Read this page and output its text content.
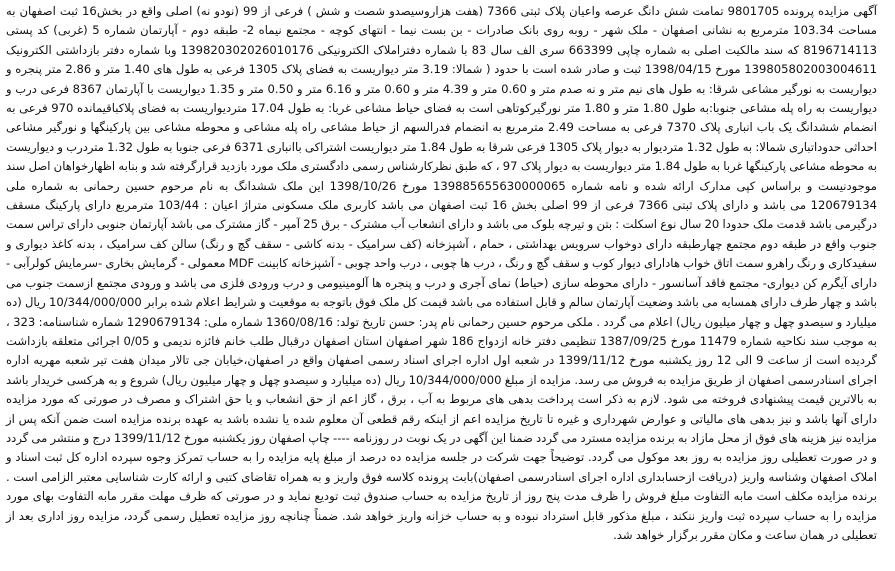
آگهی مزایده پرونده 9801705 تمامت شش دانگ عرصه واعیان پلاک ثبتی 7366 (هفت هزاروسیصدو شصت و شش ) فرعی از 99 (نودو نه) اصلی واقع در بخش16 ثبت اصفهان به مساحت 103.34 مترمربع به نشانی اصفهان - ملک شهر - روبه روی بانک صادرات - بن بست نیما - انتهای کوچه - مجتمع نیماه 2- طبقه دوم - آپارتمان شماره 5 (غربی) کد پستی 8196714113 که سند مالکیت اصلی به شماره چاپی 663399 سری الف سال 83 با شماره دفتراملاک الکترونیکی 139820302026010176 وبا شماره دفتر بازداشتی الکترونیک 139805802003004611 مورخ 1398/04/15 ثبت و صادر شده است با حدود ( شمالا: 3.19 متر دیواریست به فضای پلاک 1305 فرعی به طول های 1.40 متر و 2.86 متر پنجره و دیواریست به نورگیر مشاعی شرقا: به طول های نیم متر و نه صدم متر و 0.60 متر و 4.39 متر و 0.60 متر و 6.16 متر و 0.50 متر و 1.35 دیواریست با آپارتمان 8367 فرعی درب و دیواریست به راه پله مشاعی جنوبا:به طول 1.80 متر و 1.80 متر نورگیرکوتاهی است به فضای حیاط مشاعی غربا: به طول 17.04 متردیواریست به فضای پلاکباقیمانده 970 فرعی به انضمام ششدانگ یک باب انباری پلاک 7370 فرعی به مساحت 2.49 مترمربع به انضمام فدرالسهم از حیاط مشاعی راه پله مشاعی و محوطه مشاعی بین پارکینگها و نورگیر مشاعی احداثی حدوداتباری شمالا: به طول 1.32 متردیوار به دیوار پلاک 1305 فرعی شرقا به طول 1.84 متر دیواریست اشتراکی باانباری 6371 فرعی جنوبا به طول 1.32 متردرب و دیواریست به محوطه مشاعی پارکینگها غربا به طول 1.84 متر دیواریست به دیوار پلاک 97 ، که طبق نظرکارشناس رسمی دادگستری ملک مورد بازدید قرارگرفته شد و بنابه اظهارخواهان اصل سند موجودنیست و براساس کپی مدارک ارائه شده و نامه شماره 139885655630000065 مورخ 1398/10/26 این ملک ششدانگ به نام مرحوم حسین رحمانی به شماره ملی 120679134 می باشد و دارای پلاک ثبتی 7366 فرعی از 99 اصلی بخش 16 ثبت اصفهان می باشد کاربری ملک مسکونی متراژ اعیان : 103/44 مترمربع دارای پارکینگ مسقف درگیرمی باشد قدمت ملک حدودا 20 سال نوع اسکلت : بتن و تیرچه بلوک می باشد و دارای انشعاب آب مشترک - برق 25 آمپر - گاز مشترک می باشد آپارتمان جنوبی دارای تراس سمت جنوب واقع در طبقه دوم مجتمع چهارطبقه دارای دوخواب سرویس بهداشتی ، حمام ، آشپزخانه (کف سرامیک - بدنه کاشی - سقف گچ و رنگ) سالن کف سرامیک ، بدنه کاغذ دیواری و سفیدکاری و رنگ راهرو سمت اتاق خواب هادارای دیوار کوب و سقف گچ و رنگ ، درب ها چوبی ، درب واحد چوبی - آشپزخانه کابینت MDF معمولی - گرمایش بخاری -سرمایش کولرآبی - دارای آیگرم کن دیواری- مجتمع فاقد آسانسور - دارای محوطه سازی (حیاط) نمای آجری و درب و پنجره ها آلومینیومی و درب ورودی فلزی می باشد و ورودی مجتمع ازسمت جنوب می باشد و چهار طرف دارای همسایه می باشد وضعیت آپارتمان سالم و قابل استفاده می باشد قیمت کل ملک فوق باتوجه به موقعیت و شرایط اعلام شده برابر 10/344/000/000 ریال (ده میلیارد و سیصدو چهل و چهار میلیون ریال) اعلام می گردد . ملکی مرحوم حسین رحمانی نام پدر: حسن تاریخ تولد: 1360/08/16 شماره ملی: 1290679134 شماره شناسنامه: 323 ، به موجب سند نکاحیه شماره 11479 مورخ 1387/09/25 تنظیمی دفتر خانه ازدواج 186 شهر اصفهان استان اصفهان درقبال طلب خانم فائزه ندیمی و 0/05 اجرائی متعلقه بازداشت گردیده است از ساعت 9 الی 12 روز یکشنبه مورخ 1399/11/12 در شعبه اول اداره اجرای اسناد رسمی اصفهان واقع در اصفهان،خیابان جی تالار میدان هفت تیر شعبه مهریه اداره اجرای اسنادرسمی اصفهان از طریق مزایده به فروش می رسد. مزایده از مبلغ 10/344/000/000 ریال (ده میلیارد و سیصدو چهل و چهار میلیون ریال) شروع و به هرکسی خریدار باشد به بالاترین قیمت پیشنهادی فروخته می شود. لازم به ذکر است پرداخت بدهی های مربوط به آب ، برق ، گاز اعم از حق انشعاب و یا حق اشتراک و مصرف در صورتی که مورد مزایده دارای آنها باشد و نیز بدهی های مالیاتی و عوارض شهرداری و غیره تا تاریخ مزایده اعم از اینکه رقم قطعی آن معلوم شده یا نشده باشد به عهده برنده مزایده است ضمن آنکه پس از مزایده نیز هزینه های فوق از محل مازاد به برنده مزایده مسترد می گردد ضمنا این آگهی در یک نوبت در روزنامه ---- چاپ اصفهان روز یکشنبه مورخ 1399/11/12 درج و منتشر می گردد و در صورت تعطیلی روز مزایده به روز بعد موکول می گردد. توضیحاً جهت شرکت در جلسه مزایده ده درصد از مبلغ پایه مزایده را به حساب تمرکز وجوه سپرده اداره کل ثبت اسناد و املاک اصفهان وشناسه واریز (دریافت ازحسابداری اداره اجرای اسنادرسمی اصفهان)بابت پرونده کلاسه فوق واریز و به همراه تقاضای کتبی و ارائه کارت شناسایی معتبر الزامی است . برنده مزایده مکلف است مابه التفاوت مبلغ فروش را ظرف مدت پنج روز از تاریخ مزایده به حساب صندوق ثبت تودیع نماید و در صورتی که ظرف مهلت مقرر مابه التفاوت بهای مورد مزایده را به حساب سپرده ثبت واریز ننکند ، مبلغ مذکور قابل استرداد نبوده و به حساب خزانه واریز خواهد شد. ضمناً چنانچه روز مزایده تعطیل رسمی گردد، مزایده روز اداری بعد از تعطیلی در همان ساعت و مکان مقرر برگزار خواهد شد.
